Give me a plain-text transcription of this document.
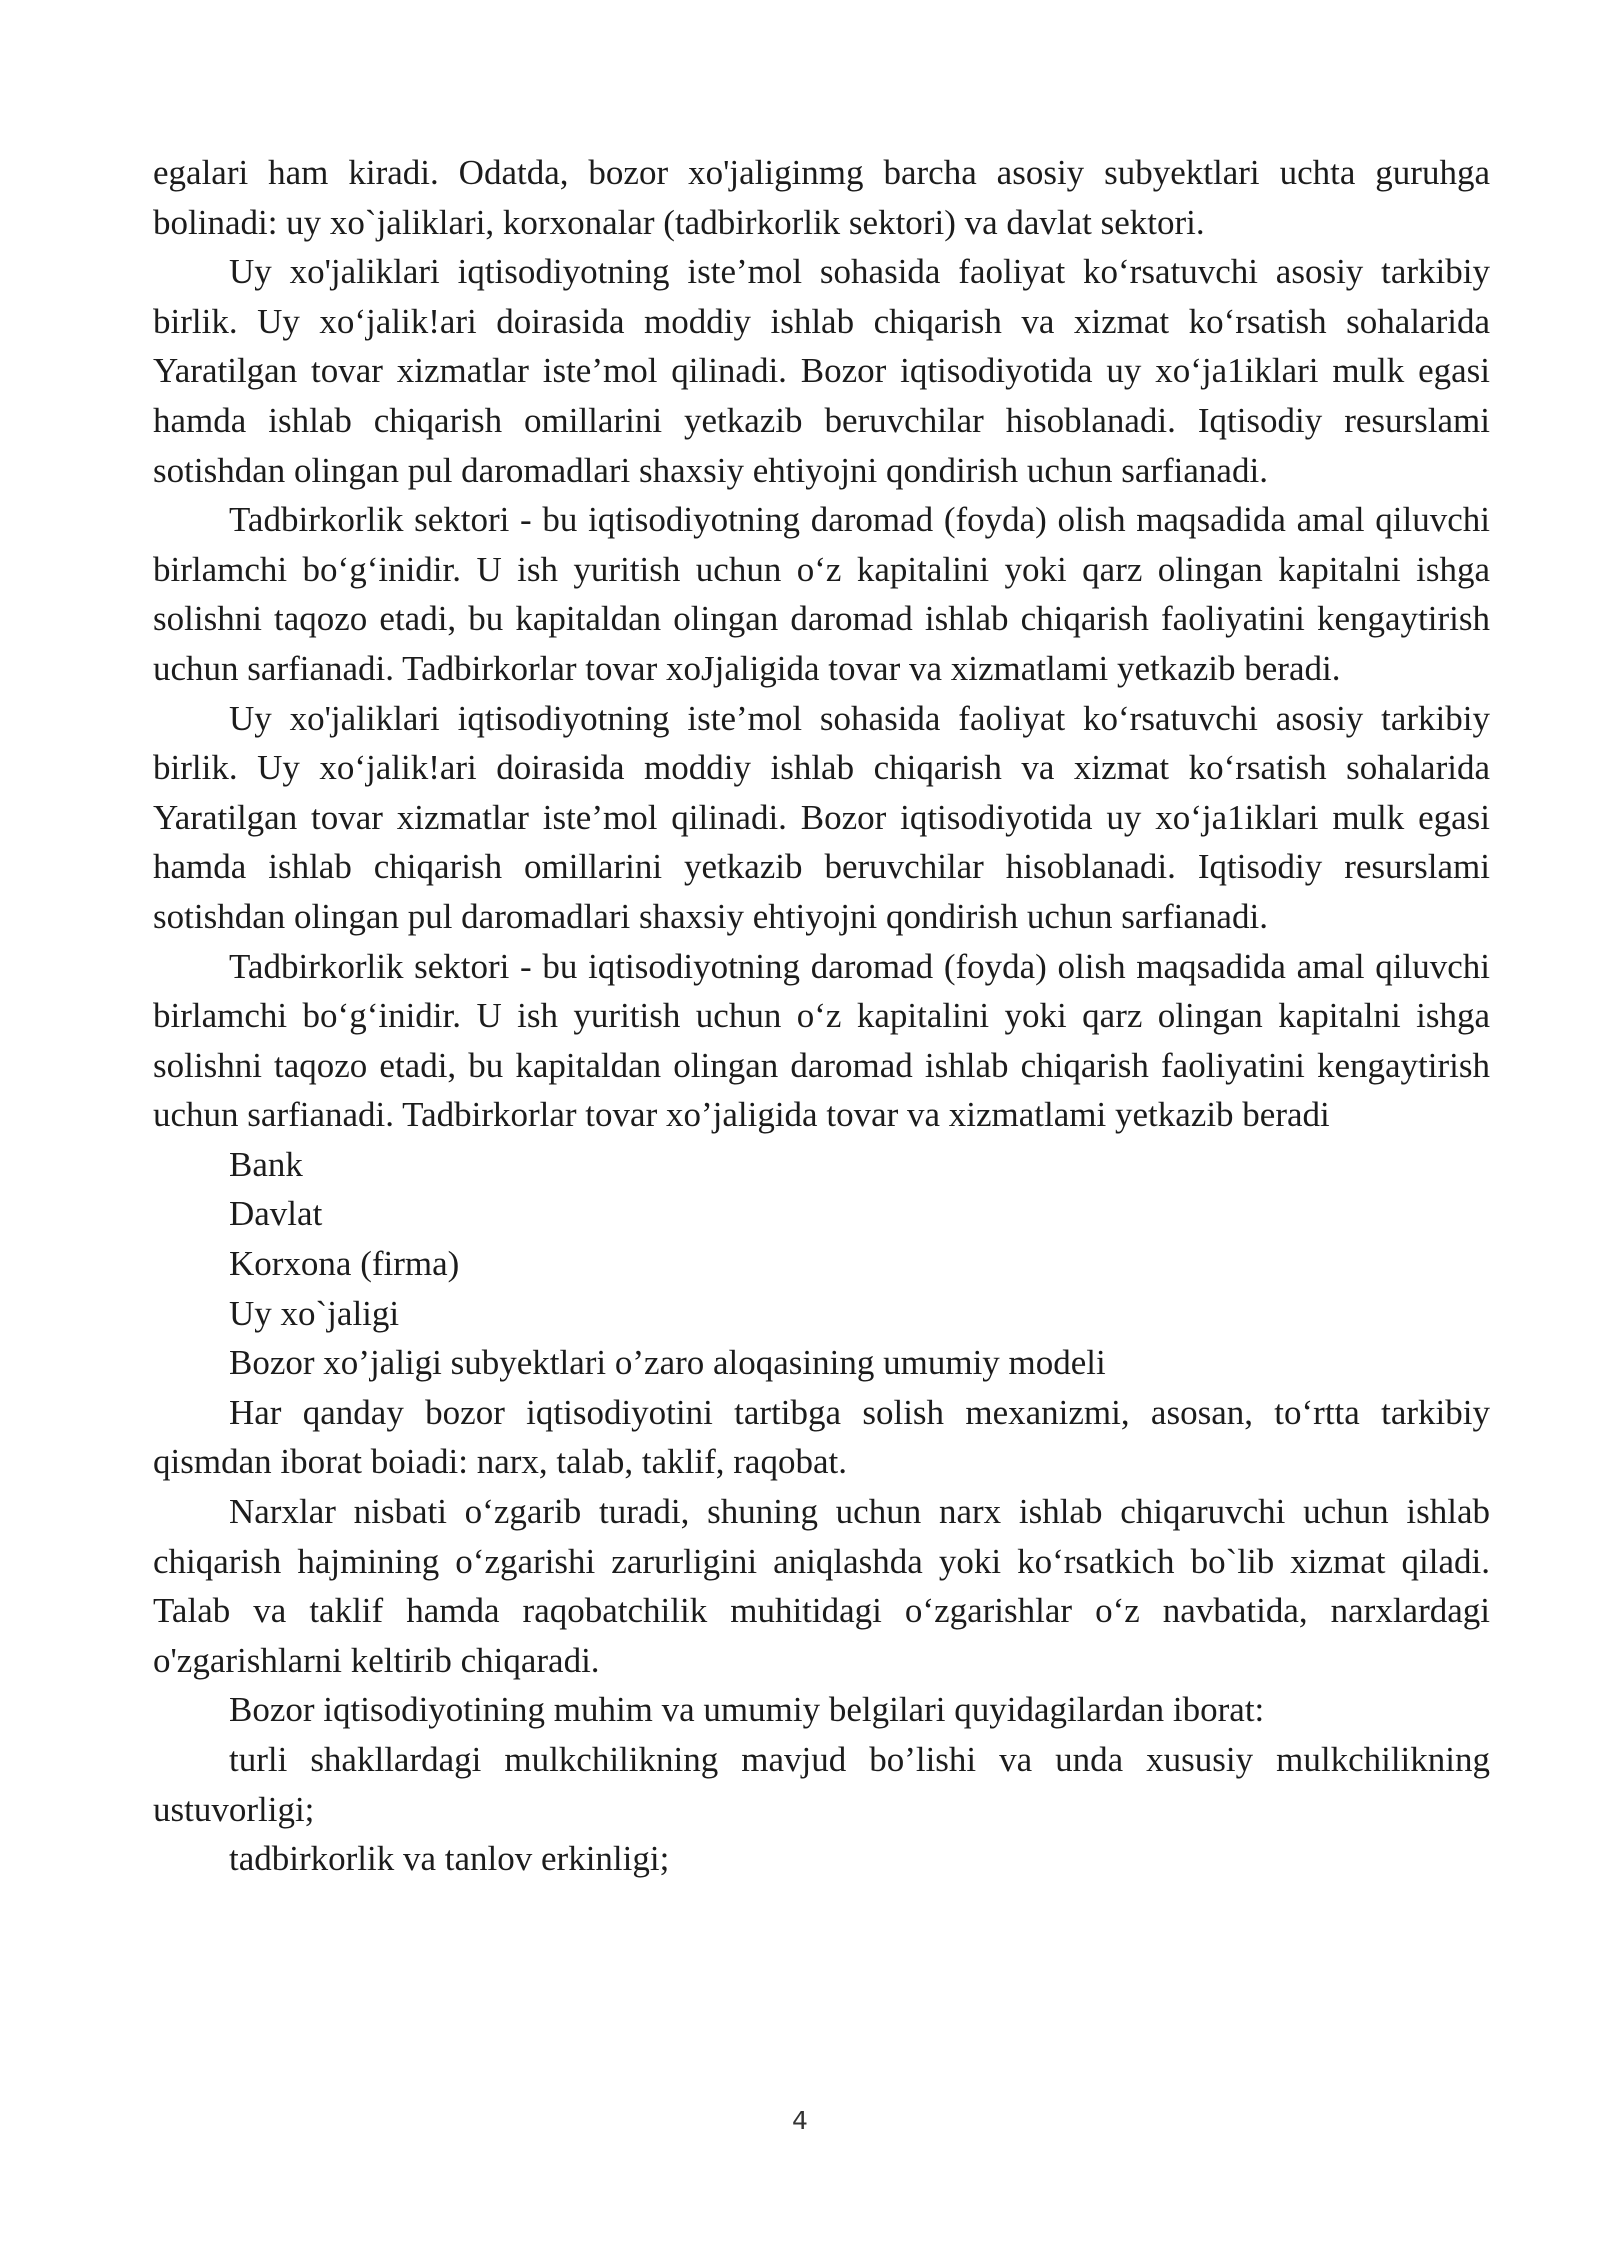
egalari ham kiradi. Odatda, bozor xo'jaliginmg barcha asosiy subyektlari uchta guruhga bolinadi: uy xo`jaliklari, korxonalar (tadbirkorlik sektori) va davlat sektori.

Uy xo'jaliklari iqtisodiyotning iste’mol sohasida faoliyat ko‘rsatuvchi asosiy tarkibiy birlik. Uy xo‘jalik!ari doirasida moddiy ishlab chiqarish va xizmat ko‘rsatish sohalarida Yaratilgan tovar xizmatlar iste’mol qilinadi. Bozor iqtisodiyotida uy xo‘ja1iklari mulk egasi hamda ishlab chiqarish omillarini yetkazib beruvchilar hisoblanadi. Iqtisodiy resurslami sotishdan olingan pul daromadlari shaxsiy ehtiyojni qondirish uchun sarfianadi.

Tadbirkorlik sektori - bu iqtisodiyotning daromad (foyda) olish maqsadida amal qiluvchi birlamchi bo‘g‘inidir. U ish yuritish uchun o‘z kapitalini yoki qarz olingan kapitalni ishga solishni taqozo etadi, bu kapitaldan olingan daromad ishlab chiqarish faoliyatini kengaytirish uchun sarfianadi. Tadbirkorlar tovar xoJjaligida tovar va xizmatlami yetkazib beradi.

Uy xo'jaliklari iqtisodiyotning iste’mol sohasida faoliyat ko‘rsatuvchi asosiy tarkibiy birlik. Uy xo‘jalik!ari doirasida moddiy ishlab chiqarish va xizmat ko‘rsatish sohalarida Yaratilgan tovar xizmatlar iste’mol qilinadi. Bozor iqtisodiyotida uy xo‘ja1iklari mulk egasi hamda ishlab chiqarish omillarini yetkazib beruvchilar hisoblanadi. Iqtisodiy resurslami sotishdan olingan pul daromadlari shaxsiy ehtiyojni qondirish uchun sarfianadi.

Tadbirkorlik sektori - bu iqtisodiyotning daromad (foyda) olish maqsadida amal qiluvchi birlamchi bo‘g‘inidir. U ish yuritish uchun o‘z kapitalini yoki qarz olingan kapitalni ishga solishni taqozo etadi, bu kapitaldan olingan daromad ishlab chiqarish faoliyatini kengaytirish uchun sarfianadi. Tadbirkorlar tovar xo’jaligida tovar va xizmatlami yetkazib beradi

Bank

Davlat

Korxona (firma)

Uy xo`jaligi

Bozor xo’jaligi subyektlari o’zaro aloqasining umumiy modeli

Har qanday bozor iqtisodiyotini tartibga solish mexanizmi, asosan, to‘rtta tarkibiy qismdan iborat boiadi: narx, talab, taklif, raqobat.

Narxlar nisbati o‘zgarib turadi, shuning uchun narx ishlab chiqaruvchi uchun ishlab chiqarish hajmining o‘zgarishi zarurligini aniqlashda yoki ko‘rsatkich bo`lib xizmat qiladi. Talab va taklif hamda raqobatchilik muhitidagi o‘zgarishlar o‘z navbatida, narxlardagi o'zgarishlarni keltirib chiqaradi.

Bozor iqtisodiyotining muhim va umumiy belgilari quyidagilardan iborat:

turli shakllardagi mulkchilikning mavjud bo’lishi va unda xususiy mulkchilikning ustuvorligi;

tadbirkorlik va tanlov erkinligi;

4
